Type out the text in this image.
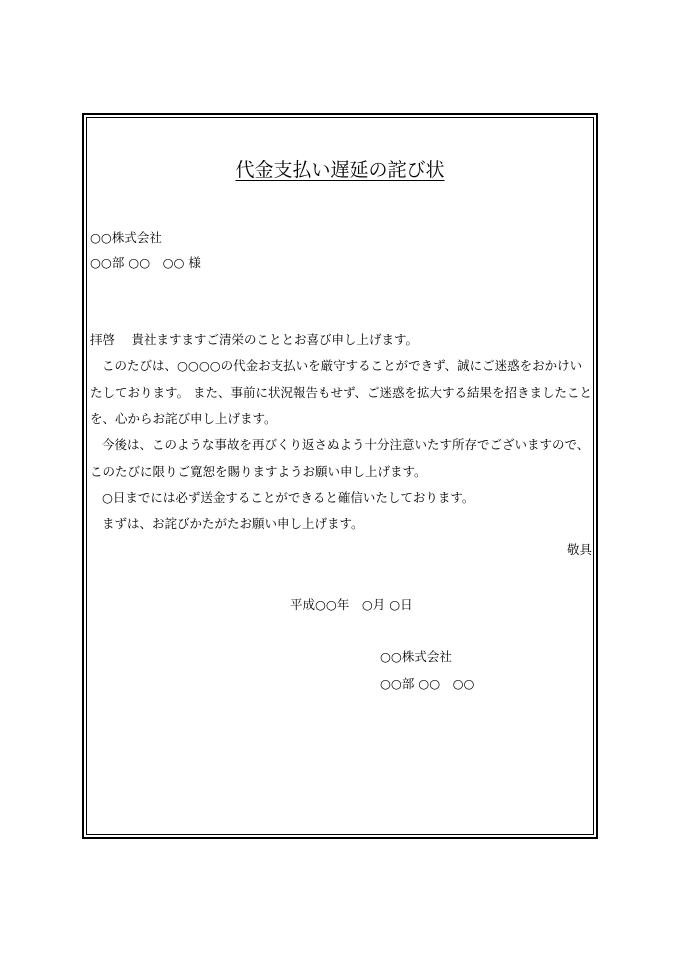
代金支払い遅延の詫び状
○○株式会社
○○部 ○○　○○ 様
拝啓　 貴社ますますご清栄のこととお喜び申し上げます。
このたびは、○○○○の代金お支払いを厳守することができず、誠にご迷惑をおかけい
たしております。 また、事前に状況報告もせず、ご迷惑を拡大する結果を招きましたこと
を、心からお詫び申し上げます。
今後は、このような事故を再びくり返さぬよう十分注意いたす所存でございますので、
このたびに限りご寛恕を賜りますようお願い申し上げます。
○日までには必ず送金することができると確信いたしております。
まずは、お詫びかたがたお願い申し上げます。
敬具
平成○○年　○月 ○日
○○株式会社
○○部 ○○　○○
